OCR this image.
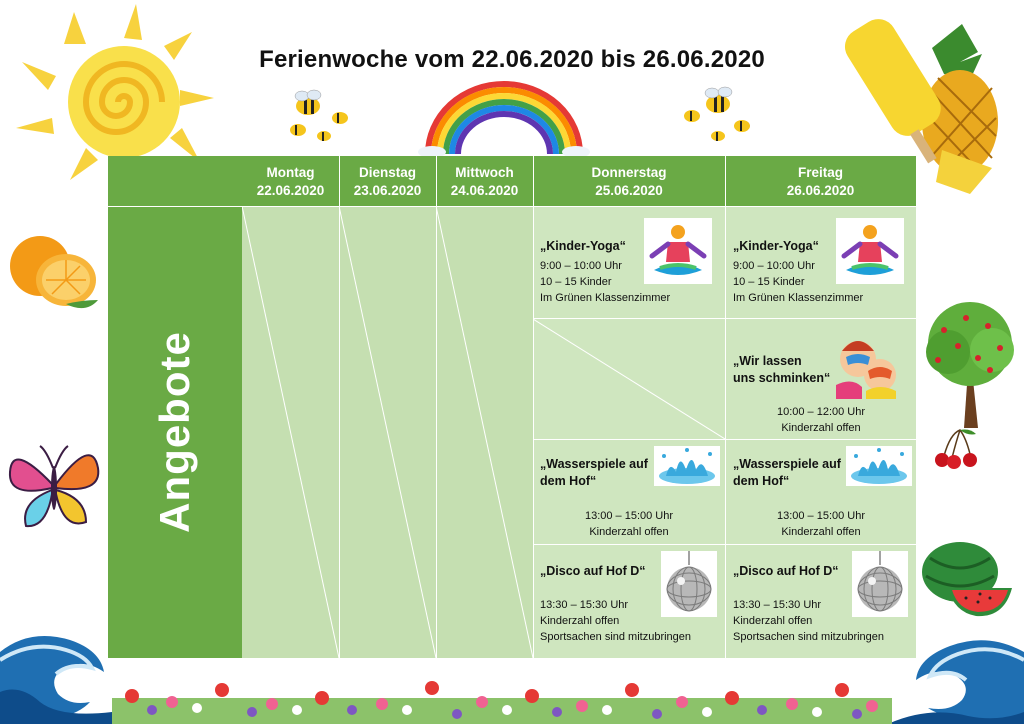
Ferienwoche vom 22.06.2020 bis 26.06.2020
Montag
22.06.2020
Dienstag
23.06.2020
Mittwoch
24.06.2020
Donnerstag
25.06.2020
Freitag
26.06.2020
Angebote
„Kinder-Yoga“
9:00 – 10:00 Uhr
10 – 15 Kinder
Im Grünen Klassenzimmer
„Kinder-Yoga“
9:00 – 10:00 Uhr
10 – 15 Kinder
Im Grünen Klassenzimmer
„Wir lassen
uns schminken“
10:00 – 12:00 Uhr
Kinderzahl offen
„Wasserspiele auf
dem Hof“
13:00 – 15:00 Uhr
Kinderzahl offen
„Wasserspiele auf
dem Hof“
13:00 – 15:00 Uhr
Kinderzahl offen
„Disco auf Hof D“
13:30 – 15:30 Uhr
Kinderzahl offen
Sportsachen sind mitzubringen
„Disco auf Hof D“
13:30 – 15:30 Uhr
Kinderzahl offen
Sportsachen sind mitzubringen
